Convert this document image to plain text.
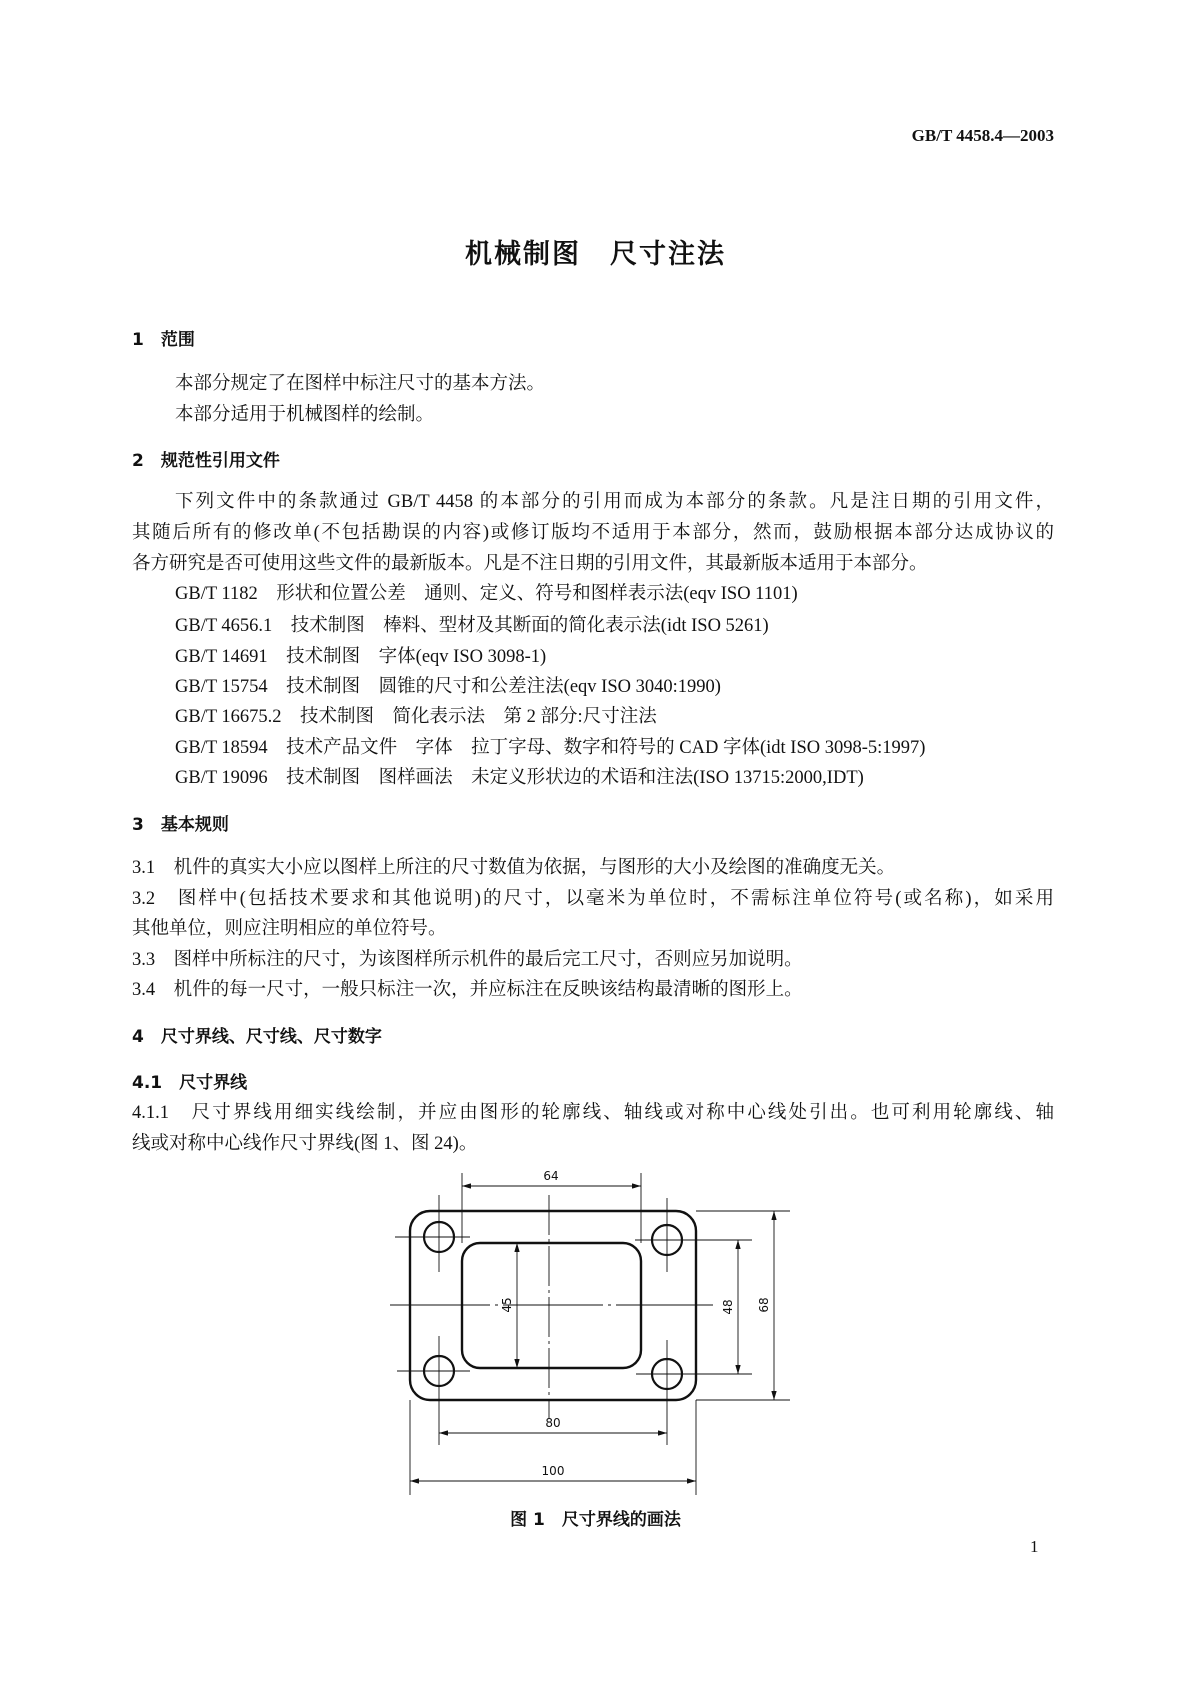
GB/T 4458.4—2003
机械制图　尺寸注法
1　范围
本部分规定了在图样中标注尺寸的基本方法。
本部分适用于机械图样的绘制。
2　规范性引用文件
下列文件中的条款通过 GB/T 4458 的本部分的引用而成为本部分的条款。凡是注日期的引用文件，
其随后所有的修改单(不包括勘误的内容)或修订版均不适用于本部分，然而，鼓励根据本部分达成协议的
各方研究是否可使用这些文件的最新版本。凡是不注日期的引用文件，其最新版本适用于本部分。
GB/T 1182　形状和位置公差　通则、定义、符号和图样表示法(eqv ISO 1101)
GB/T 4656.1　技术制图　棒料、型材及其断面的简化表示法(idt ISO 5261)
GB/T 14691　技术制图　字体(eqv ISO 3098-1)
GB/T 15754　技术制图　圆锥的尺寸和公差注法(eqv ISO 3040:1990)
GB/T 16675.2　技术制图　简化表示法　第 2 部分:尺寸注法
GB/T 18594　技术产品文件　字体　拉丁字母、数字和符号的 CAD 字体(idt ISO 3098-5:1997)
GB/T 19096　技术制图　图样画法　未定义形状边的术语和注法(ISO 13715:2000,IDT)
3　基本规则
3.1　机件的真实大小应以图样上所注的尺寸数值为依据，与图形的大小及绘图的准确度无关。
3.2　图样中(包括技术要求和其他说明)的尺寸，以毫米为单位时，不需标注单位符号(或名称)，如采用
其他单位，则应注明相应的单位符号。
3.3　图样中所标注的尺寸，为该图样所示机件的最后完工尺寸，否则应另加说明。
3.4　机件的每一尺寸，一般只标注一次，并应标注在反映该结构最清晰的图形上。
4　尺寸界线、尺寸线、尺寸数字
4.1　尺寸界线
4.1.1　尺寸界线用细实线绘制，并应由图形的轮廓线、轴线或对称中心线处引出。也可利用轮廓线、轴
线或对称中心线作尺寸界线(图 1、图 24)。
64
45	48 68
80
100
图 1　尺寸界线的画法
1
